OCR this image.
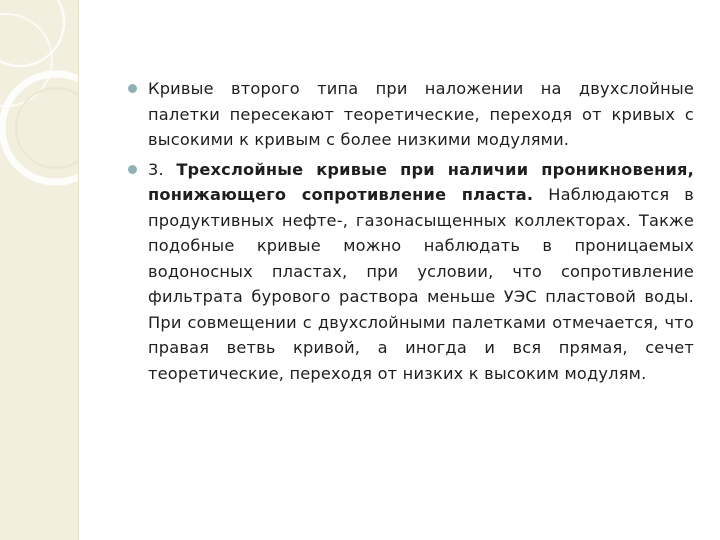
Кривые второго типа при наложении на двухслойные палетки пересекают теоретические, переходя от кривых с высокими к кривым с более низкими модулями.

3. Трехслойные кривые при наличии проникновения, понижающего сопротивление пласта. Наблюдаются в продуктивных нефте-, газонасыщенных коллекторах. Также подобные кривые можно наблюдать в проницаемых водоносных пластах, при условии, что сопротивление фильтрата бурового раствора меньше УЭС пластовой воды. При совмещении с двухслойными палетками отмечается, что правая ветвь кривой, а иногда и вся прямая, сечет теоретические, переходя от низких к высоким модулям.
